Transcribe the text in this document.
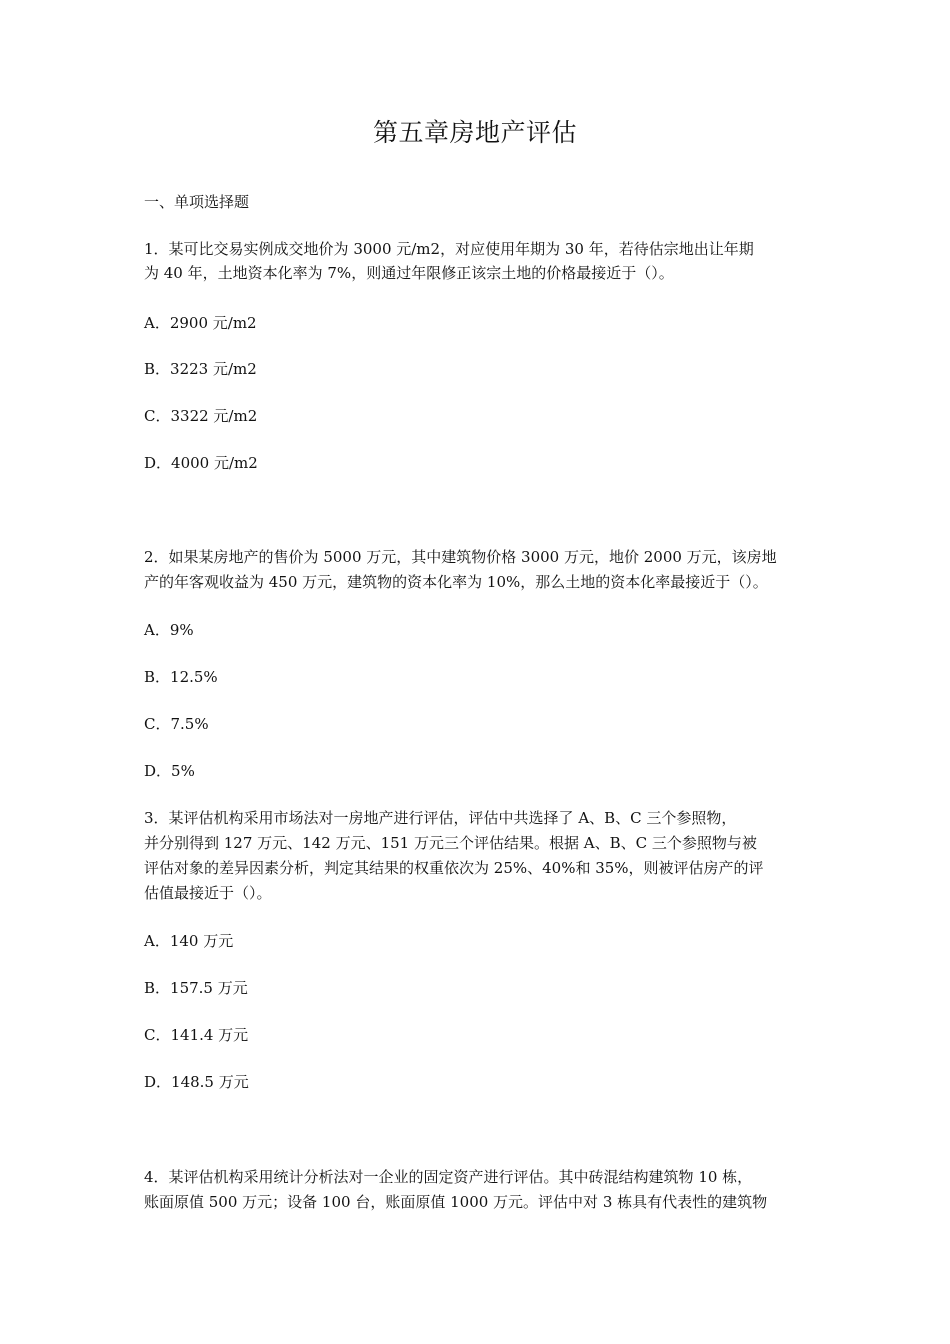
第五章房地产评估
一、单项选择题
1．某可比交易实例成交地价为 3000 元/m2，对应使用年期为 30 年，若待估宗地出让年期
为 40 年，土地资本化率为 7%，则通过年限修正该宗土地的价格最接近于（）。
A．2900 元/m2
B．3223 元/m2
C．3322 元/m2
D．4000 元/m2
2．如果某房地产的售价为 5000 万元，其中建筑物价格 3000 万元，地价 2000 万元，该房地
产的年客观收益为 450 万元，建筑物的资本化率为 10%，那么土地的资本化率最接近于（）。
A．9%
B．12.5%
C．7.5%
D．5%
3．某评估机构采用市场法对一房地产进行评估，评估中共选择了 A、B、C 三个参照物，
并分别得到 127 万元、142 万元、151 万元三个评估结果。根据 A、B、C 三个参照物与被
评估对象的差异因素分析，判定其结果的权重依次为 25%、40%和 35%，则被评估房产的评
估值最接近于（）。
A．140 万元
B．157.5 万元
C．141.4 万元
D．148.5 万元
4．某评估机构采用统计分析法对一企业的固定资产进行评估。其中砖混结构建筑物 10 栋，
账面原值 500 万元；设备 100 台，账面原值 1000 万元。评估中对 3 栋具有代表性的建筑物
